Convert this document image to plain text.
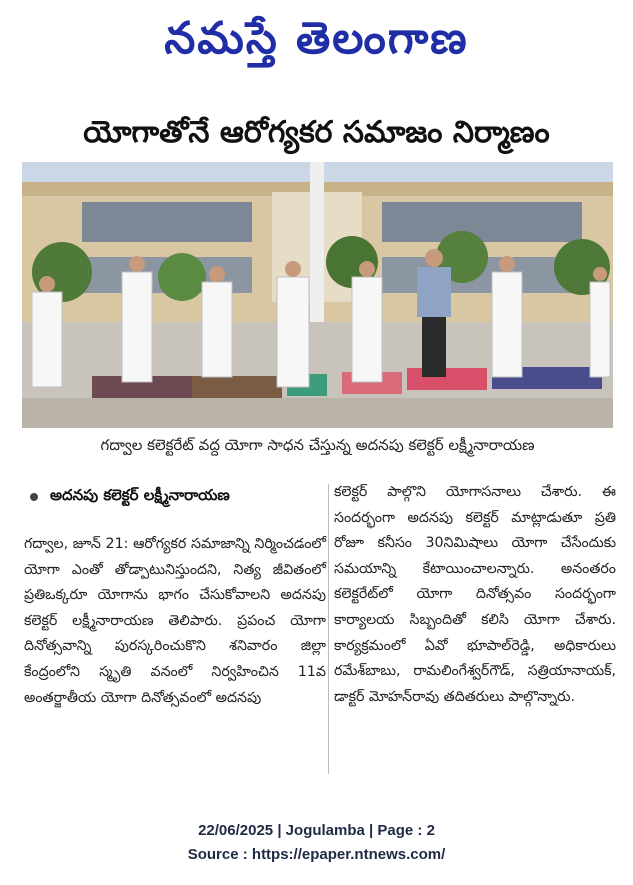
నమస్తే తెలంగాణ
యోగాతోనే ఆరోగ్యకర సమాజం నిర్మాణం
గద్వాల కలెక్టరేట్ వద్ద యోగా సాధన చేస్తున్న అదనపు కలెక్టర్ లక్ష్మీనారాయణ
అదనపు కలెక్టర్ లక్ష్మీనారాయణ
గద్వాల, జూన్ 21: ఆరోగ్యకర సమాజాన్ని నిర్మించడంలో యోగా ఎంతో తోడ్పాటునిస్తుందని, నిత్య జీవితంలో ప్రతిఒక్కరూ యోగాను భాగం చేసుకోవాలని అదనపు కలెక్టర్ లక్ష్మీనారాయణ తెలిపారు. ప్రపంచ యోగా దినోత్సవాన్ని పురస్కరించుకొని శనివారం జిల్లా కేంద్రంలోని స్మృతి వనంలో నిర్వహించిన 11వ అంతర్జాతీయ యోగా దినోత్సవంలో అదనపు
కలెక్టర్ పాల్గొని యోగాసనాలు చేశారు. ఈ సందర్భంగా అదనపు కలెక్టర్ మాట్లాడుతూ ప్రతి రోజూ కనీసం 30నిమిషాలు యోగా చేసేందుకు సమయాన్ని కేటాయించాలన్నారు. అనంతరం కలెక్టరేట్‌లో యోగా దినోత్సవం సందర్భంగా కార్యాలయ సిబ్బందితో కలిసి యోగా చేశారు. కార్యక్రమంలో ఏవో భూపాల్‌రెడ్డి, అధికారులు రమేశ్‌బాబు, రామలింగేశ్వర్‌గౌడ్, సత్రియానాయక్, డాక్టర్ మోహన్‌రావు తదితరులు పాల్గొన్నారు.
22/06/2025 | Jogulamba | Page : 2
Source : https://epaper.ntnews.com/
